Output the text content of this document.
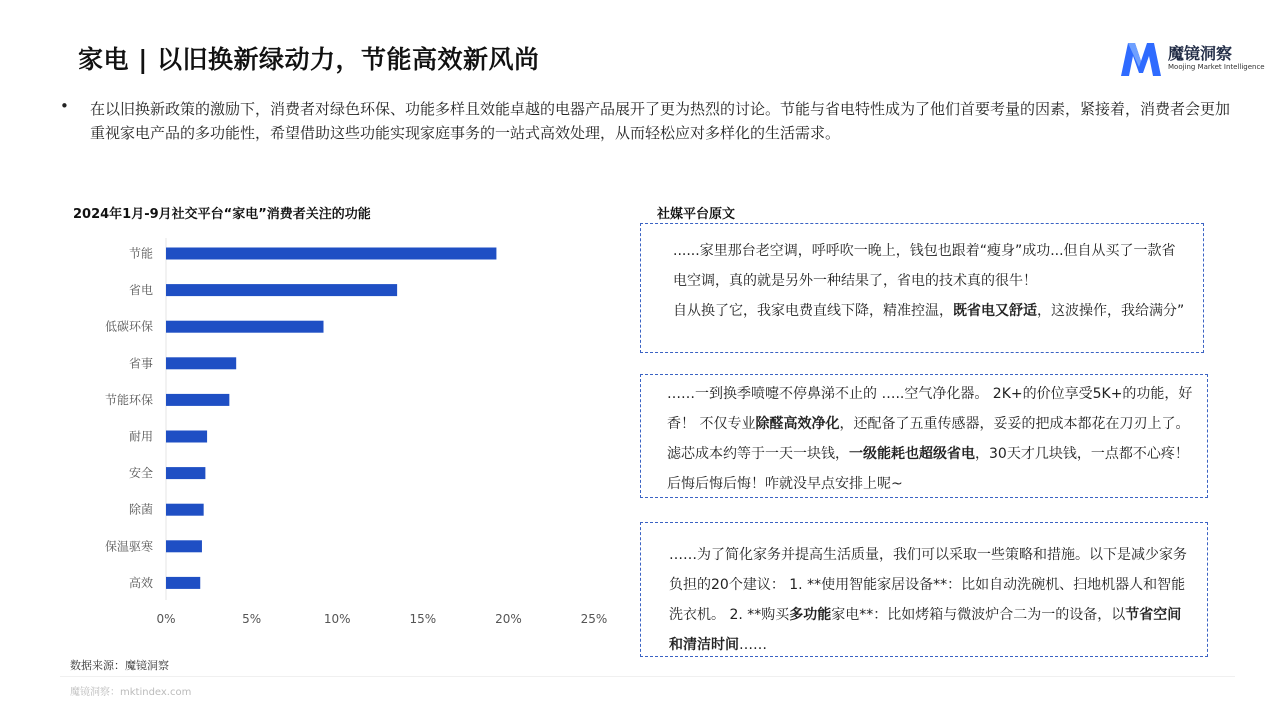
家电 | 以旧换新绿动力，节能高效新风尚	魔镜洞察
Moojing Market Intelligence
• 在以旧换新政策的激励下，消费者对绿色环保、功能多样且效能卓越的电器产品展开了更为热烈的讨论。节能与省电特性成为了他们首要考量的因素，紧接着，消费者会更加重视家电产品的多功能性，希望借助这些功能实现家庭事务的一站式高效处理，从而轻松应对多样化的生活需求。

2024年1月-9月社交平台“家电”消费者关注的功能
节能
省电
低碳环保
省事
节能环保
耐用
安全
除菌
保温驱寒
高效
0%	5%	10%	15%	20%	25%
数据来源：魔镜洞察
魔镜洞察：mktindex.com
社媒平台原文
......家里那台老空调，呼呼吹一晚上，钱包也跟着“瘦身”成功...但自从买了一款省电空调，真的就是另外一种结果了，省电的技术真的很牛！
自从换了它，我家电费直线下降，精准控温，既省电又舒适，这波操作，我给满分”
……一到换季喷嚏不停鼻涕不止的 …..空气净化器。 2K+的价位享受5K+的功能，好香！ 不仅专业除醛高效净化，还配备了五重传感器，妥妥的把成本都花在刀刃上了。 滤芯成本约等于一天一块钱，一级能耗也超级省电，30天才几块钱，一点都不心疼！ 后悔后悔后悔！咋就没早点安排上呢~
……为了简化家务并提高生活质量，我们可以采取一些策略和措施。以下是减少家务负担的20个建议： 1. **使用智能家居设备**：比如自动洗碗机、扫地机器人和智能洗衣机。 2. **购买多功能家电**：比如烤箱与微波炉合二为一的设备，以节省空间和清洁时间……
